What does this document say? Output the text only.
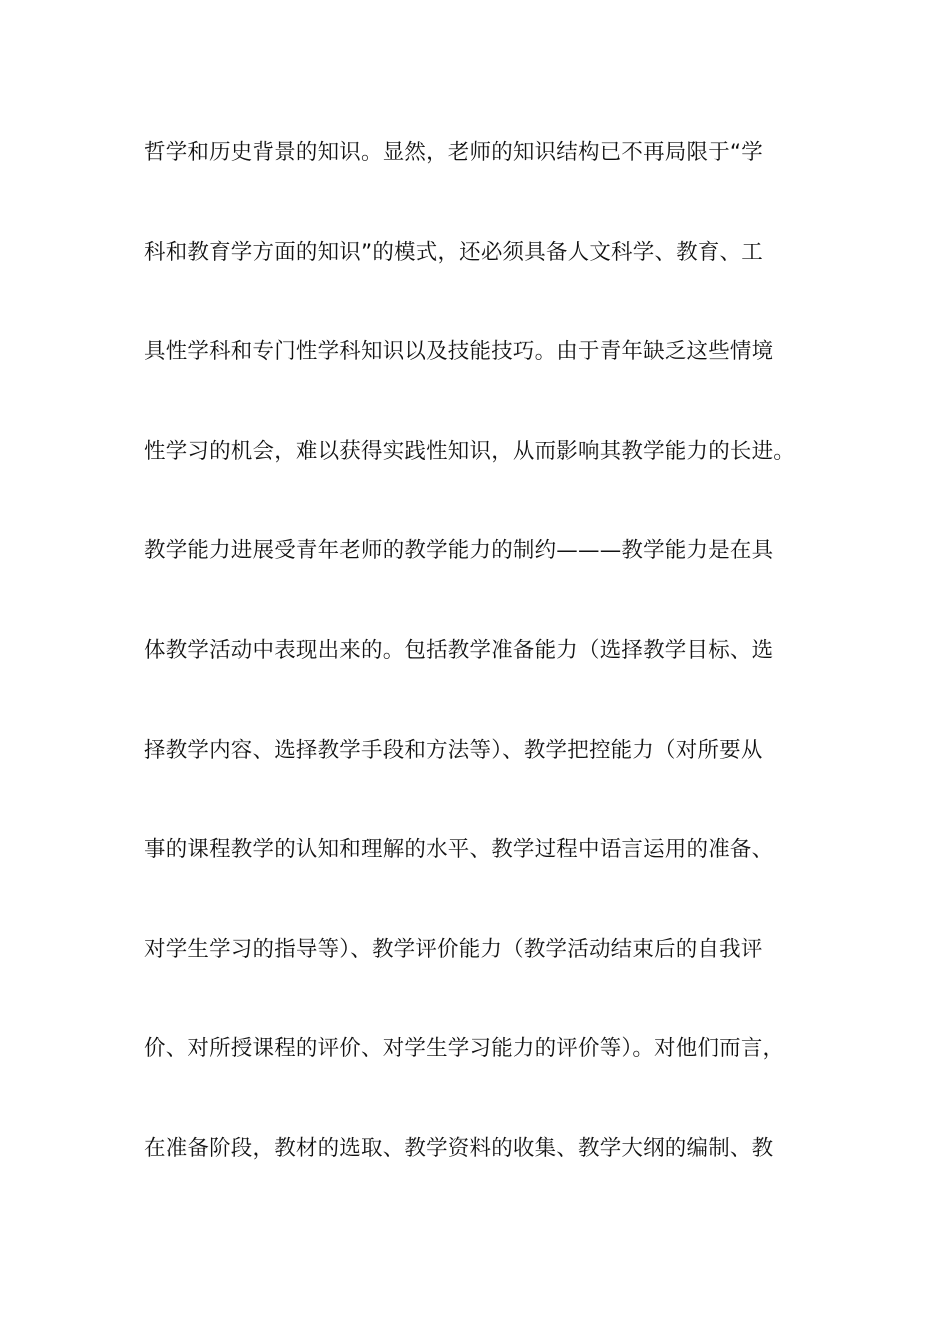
哲学和历史背景的知识。显然，老师的知识结构已不再局限于“学
科和教育学方面的知识”的模式，还必须具备人文科学、教育、工
具性学科和专门性学科知识以及技能技巧。由于青年缺乏这些情境
性学习的机会，难以获得实践性知识，从而影响其教学能力的长进。
教学能力进展受青年老师的教学能力的制约———教学能力是在具
体教学活动中表现出来的。包括教学准备能力（选择教学目标、选
择教学内容、选择教学手段和方法等）、教学把控能力（对所要从
事的课程教学的认知和理解的水平、教学过程中语言运用的准备、
对学生学习的指导等）、教学评价能力（教学活动结束后的自我评
价、对所授课程的评价、对学生学习能力的评价等）。对他们而言，
在准备阶段，教材的选取、教学资料的收集、教学大纲的编制、教
